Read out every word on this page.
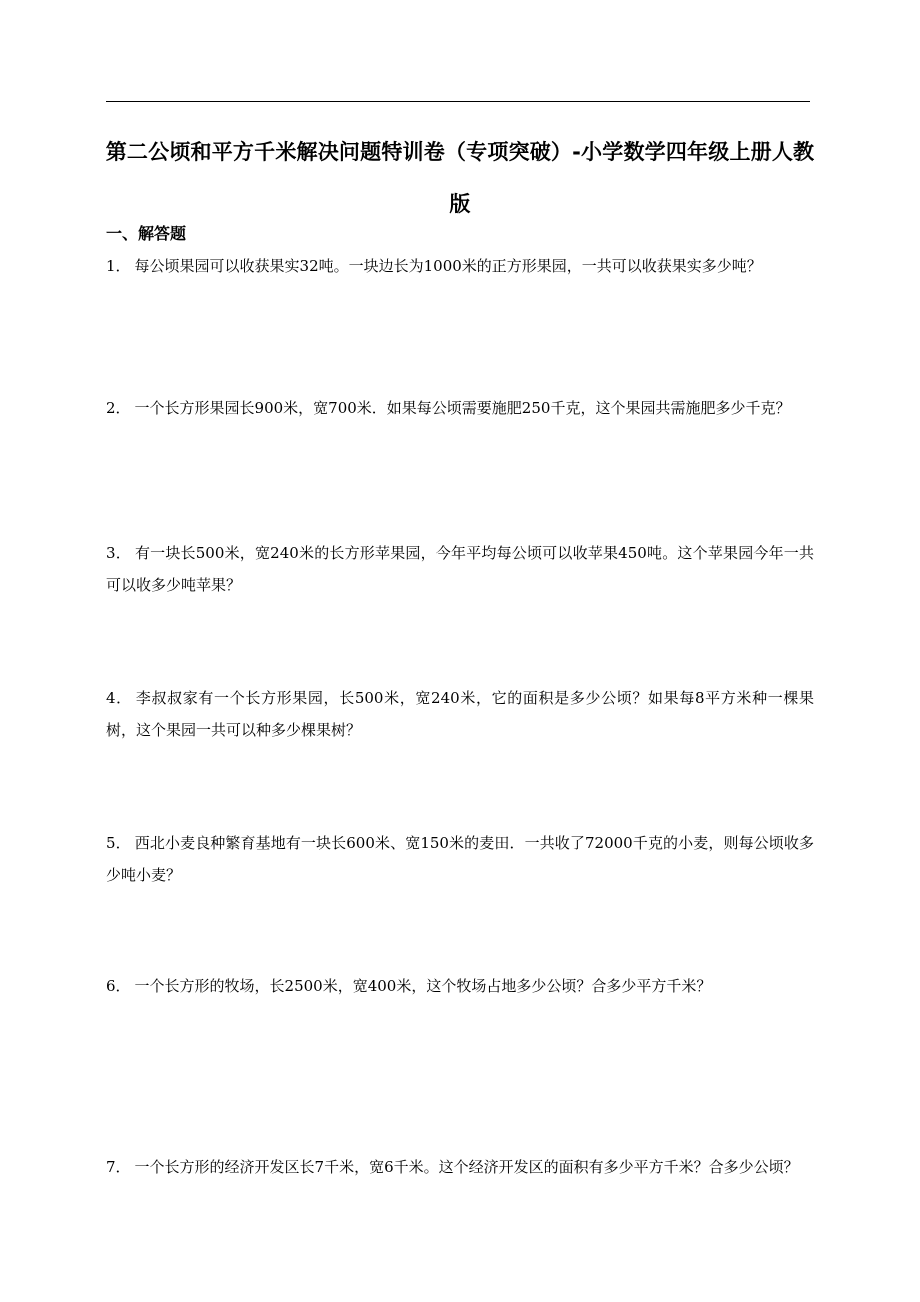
第二公顷和平方千米解决问题特训卷（专项突破）-小学数学四年级上册人教版
一、解答题

1． 每公顷果园可以收获果实32吨。一块边长为1000米的正方形果园，一共可以收获果实多少吨？

2． 一个长方形果园长900米，宽700米．如果每公顷需要施肥250千克，这个果园共需施肥多少千克？

3． 有一块长500米，宽240米的长方形苹果园，今年平均每公顷可以收苹果450吨。这个苹果园今年一共可以收多少吨苹果？

4． 李叔叔家有一个长方形果园，长500米，宽240米，它的面积是多少公顷？如果每8平方米种一棵果树，这个果园一共可以种多少棵果树？

5． 西北小麦良种繁育基地有一块长600米、宽150米的麦田．一共收了72000千克的小麦，则每公顷收多少吨小麦？

6． 一个长方形的牧场，长2500米，宽400米，这个牧场占地多少公顷？合多少平方千米？

7． 一个长方形的经济开发区长7千米，宽6千米。这个经济开发区的面积有多少平方千米？合多少公顷？
